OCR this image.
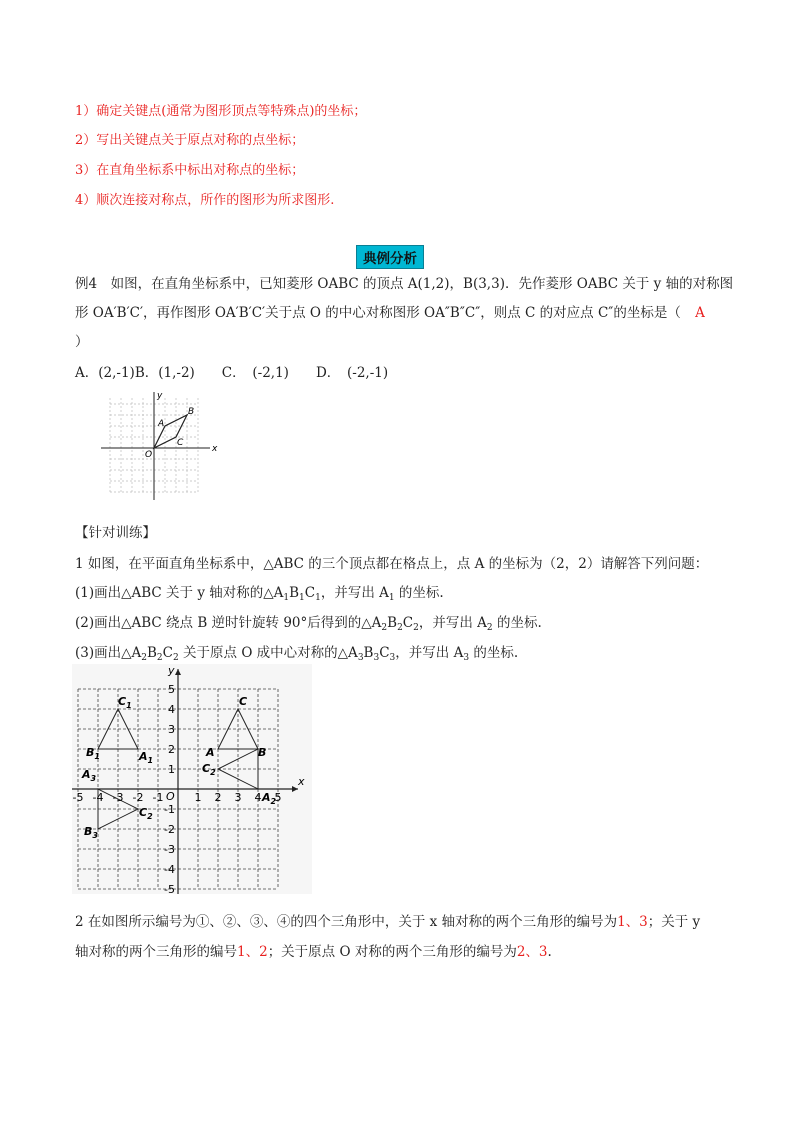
1）确定关键点(通常为图形顶点等特殊点)的坐标；
2）写出关键点关于原点对称的点坐标；
3）在直角坐标系中标出对称点的坐标；
4）顺次连接对称点，所作的图形为所求图形.
典例分析
例4　如图，在直角坐标系中，已知菱形 OABC 的顶点 A(1,2)，B(3,3)．先作菱形 OABC 关于 y 轴的对称图
形 OA′B′C′，再作图形 OA′B′C′关于点 O 的中心对称图形 OA″B″C″，则点 C 的对应点 C″的坐标是（ A
）
A．(2,-1)B．(1,-2)　　C．　(-2,1)　　D．　(-2,-1)
x
y
O
A
B
C
【针对训练】
1 如图，在平面直角坐标系中，△ABC 的三个顶点都在格点上，点 A 的坐标为（2，2）请解答下列问题：
(1)画出△ABC 关于 y 轴对称的$\triangle A_1B_1C_1$，并写出 $A_1$ 的坐标.
(2)画出△ABC 绕点 B 逆时针旋转 90°后得到的$\triangle A_2B_2C_2$，并写出 $A_2$ 的坐标.
(3)画出$\triangle A_2B_2C_2$ 关于原点 O 成中心对称的$\triangle A_3B_3C_3$，并写出 $A_3$ 的坐标.
x
y
O
-5 -4 -3 -2 -1	1 2 3 4 5
5
4
3
2
1
-1
-2
-3
-4
-5
A	B
C
$C_1$
$B_1$	$A_1$
$C_2$
$A_2$
$A_3$
$B_3$
$C_2$
2 在如图所示编号为①、②、③、④的四个三角形中，关于 x 轴对称的两个三角形的编号为1、3；关于 y
轴对称的两个三角形的编号1、2；关于原点 O 对称的两个三角形的编号为2、3.
